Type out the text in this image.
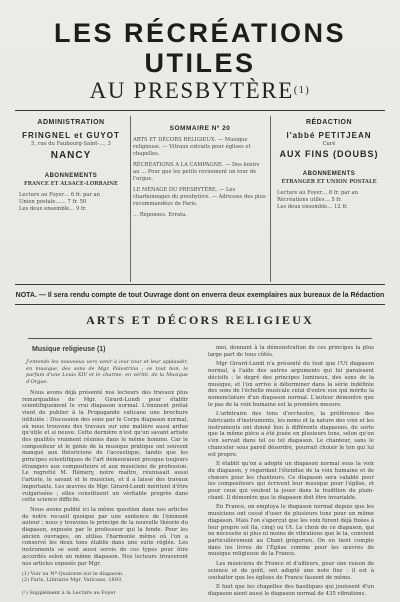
LES RÉCRÉATIONS UTILES
AU PRESBYTÈRE$^{(1)}$
ADMINISTRATION
FRINGNEL et GUYOT
5, rue du Faubourg-Saint-…, 3
NANCY
ABONNEMENTS
FRANCE ET ALSACE-LORRAINE
Lecture au Foyer… 6 fr. par an
Union postale…… 7 fr. 50
Les deux ensemble… 9 fr.
SOMMAIRE Nº 20
ARTS ET DÉCORS RELIGIEUX. — Musique religieuse. — Vitraux extraits pour églises et chapelles.
RÉCRÉATIONS A LA CAMPAGNE. — Des loisirs au … Pour que les petits reviennent un tour de l'orgue.
LE MÉNAGE DU PRESBYTÈRE. — Les charbonnages du presbytère. — Adresses des plus recommandées de Paris.
… Réponses. Errata.
RÉDACTION
l'abbé PETITJEAN
Curé
AUX FINS (DOUBS)
ABONNEMENTS
ÉTRANGER ET UNION POSTALE
Lecture au Foyer… 8 fr. par an
Récréations utiles… 5 fr.
Les deux ensemble… 12 fr.
NOTA. — Il sera rendu compte de tout Ouvrage dont on enverra deux exemplaires aux bureaux de la Rédaction
ARTS ET DÉCORS RELIGIEUX
Musique religieuse (1)
J'entends les nouveaux vers venir à leur tour et leur applaudir, en musique, des sons de Mgr. Palestrina ; ce tout bon, le parfum d'une Louis XIV et le charme, en vérité, de la Musique d'Orgue.

Nous avons déjà présenté nos lecteurs des travaux plus remarquables de Mgr. Girard-Lundi pour établir scientifiquement le vrai diapason normal. L'éminent prélat vient de publier à la Propagande vaticane une brochure intitulée : Discussion des sons par le Corps diapason normal, où nous trouvons des travaux sur une matière aussi ardue qu'utile et si neuve. Cette dernière n'est qu'un savant artiste des qualités vraiment réunies dans le même homme. Car le compositeur et le génie de la musique pratique ont souvent manqué aux théoriciens de l'acoustique, tandis que les principes scientifiques de l'art demeuraient presque toujours étrangers aux compositeurs et aux musiciens de profession. Le regretté M. Hémery, notre maître, réunissait aussi l'artiste, le savant et le musicien, et il a laissé des travaux importants. Les œuvres de Mgr. Girard-Lundi méritent d'être vulgarisées ; elles constituent un véritable progrès dans cette science difficile.

Nous avons publié ici la même question dans nos articles de notre recueil quoique par une sentence de l'éminent auteur ; nous y trouvons le principe de la nouvelle théorie du diapason, exposée par le professeur qui la fonde. Pour les ancien ouvrages, on utilisa l'harmonie même où l'on a conservé les deux tons établis dans une suite réglée. Les instruments se sont aussi servis de ces types pour être accordés selon un même diapason. Nos lecteurs trouveront nos articles exposés par Mgr.

moi, donnant à la démonstration de ces principes la plus large part de tous côtés.

Mgr Girard-Lundi n'a présenté du tout que l'Ut diapason normal, à l'aide des autres arguments qui lui paraissent décisifs : le degré des principes lumineux, des sons de la musique, et l'on arrive à déterminer dans la série indéfinie des sons de l'échelle musicale celui d'entre eux qui mérite la nomenclature d'un diapason normal. L'auteur démontre que le pas de la voix humaine est la première mesure.

L'arbitraire des tons d'orchestre, la préférence des fabricants d'instruments, les noms et la nature des voix et les instruments ont donné lieu à différents diapasons, de sorte que la même pièce a été jouée en plusieurs tons, selon qu'on s'en servait dans tel ou tel diapason. Le chanteur, sans le chanceler sous pareil désordre, pourrait choisir le ton qui lui est propre.

Il établit qu'on a adopté un diapason normal sous la voix du diapason, y regardant l'étendue de la voix humaine et de chœurs pour les chanteurs. Ce diapason sera valable pour les compositeurs qui écrivent leur musique pour l'église, et pour ceux qui veulent la jouer dans la tradition du plain-chant. Il démontre que le diapason doit être invariable.

En France, on employa le diapason normal depuis que les musiciens ont cessé d'user de plusieurs tons pour un même diapason. Mais l'on s'aperçut que les voix furent déjà fixées à leur propre sol (la, cinq) ou Ut. Le choix de ce diapason, qui ne nécessite ni plus ni moins de vibrations que le la, convient particulièrement au Chant grégorien. On en tient compte dans les livres de l'Église comme pour les œuvres de musique religieuse de la France.

Les musiciens de France et d'ailleurs, pour une raison de science et de goût, ont adopté une note fixe : il est à souhaiter que les églises de France fassent de même.

Il faut que les chapelles des basiliques qui jouissent d'un diapason aient aussi le diapason normal de 435 vibrations.

(1) Voir au Nº Quatorze sur le diapason.
(2) Paris, Librairie Mgr. Vaticane, 1893.
(¹) Supplément à la Lecture au Foyer
